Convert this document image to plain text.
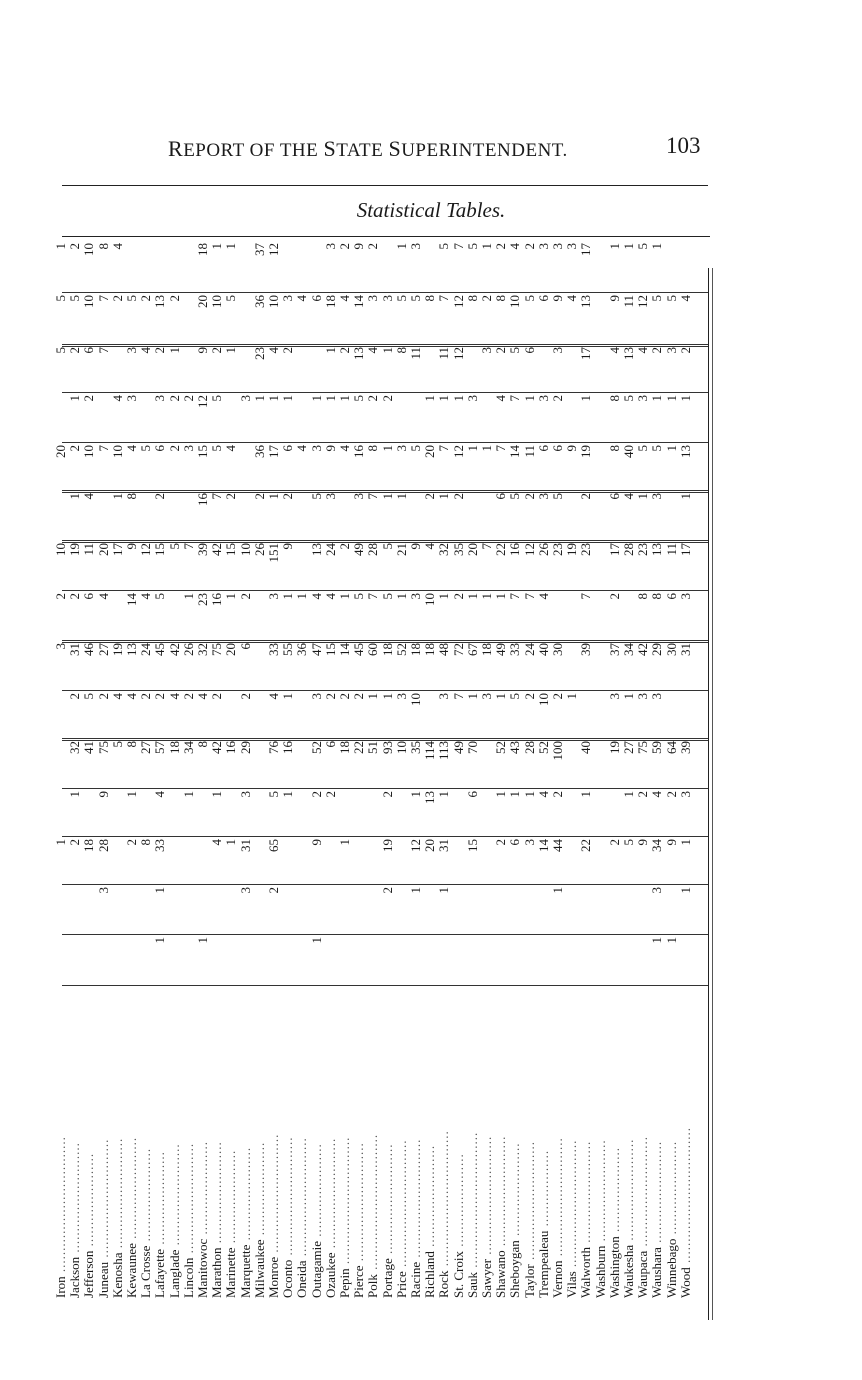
REPORT OF THE STATE SUPERINTENDENT.	103
Statistical Tables.
Iron ................................
1
5
5
20
10
2
3
1
Jackson ..........................
2
5
2
1
2
1
19
2
31
2
32
1
2
Jefferson ......................
10
10
6
2
10
4
11
6
46
5
41
18
Juneau ............................
8
7
7
7
20
4
27
2
75
9
28
3
Kenosha ..........................
4
2
4
10
1
17
19
4
5
Kewaunee ........................
5
3
3
4
8
9
14
13
4
8
1
2
La Crosse ......................
2
4
5
12
4
24
2
27
8
Lafayette ......................
13
2
3
6
2
15
5
45
2
57
4
33
1
1
Langlade ........................
2
1
2
2
5
42
4
18
Lincoln ..........................
2
3
7
1
26
2
34
1
Manitowoc ......................
18
20
9
12
15
16
39
23
32
4
8
1
Marathon ........................
1
10
2
5
5
7
42
16
75
2
42
1
4
Marinette ......................
1
5
1
4
2
15
1
20
16
1
Marquette ......................
3
10
2
6
2
29
3
31
3
Milwaukee ......................
37
36
23
1
36
2
26
Monroe ............................
12
10
4
1
17
1
151
3
33
4
76
5
65
2
Oconto ............................
3
2
1
6
2
9
1
55
1
16
1
Oneida ............................
4
4
1
36
Outagamie ......................
6
1
3
5
13
4
47
3
52
2
9
1
Ozaukee ..........................
3
18
1
1
9
3
24
4
15
2
6
2
Pepin ..............................
2
4
2
1
4
2
1
14
2
18
1
Pierce ............................
9
14
13
5
16
3
49
5
45
2
22
Polk ................................
2
3
4
2
8
7
28
7
60
1
51
Portage ..........................
3
1
2
1
1
5
5
18
1
93
2
19
2
Price ..............................
1
5
8
3
1
21
1
52
3
10
Racine ............................
3
5
11
5
9
3
18
10
35
1
12
1
Richland ........................
8
1
20
2
4
10
18
114
13
20
Rock ................................
5
7
11
1
7
1
32
1
48
3
113
1
31
1
St. Croix ......................
7
12
12
1
12
2
35
2
72
7
49
Sauk ................................
5
8
3
1
20
1
67
1
70
6
15
Sawyer ............................
1
2
3
1
7
1
18
3
Shawano ..........................
2
8
2
4
7
6
22
1
49
1
52
1
2
Sheboygan ......................
4
10
5
7
14
5
16
7
33
5
43
1
6
Taylor ............................
2
5
6
1
11
2
12
7
24
2
28
1
3
Trempealeau ..................
3
6
3
6
3
26
4
40
10
52
4
14
Vernon ............................
3
9
3
2
6
5
23
30
2
100
2
44
1
Vilas ..............................
3
4
9
19
1
Walworth ........................
17
13
17
1
19
2
23
7
39
40
1
22
Washburn ........................
Washington ....................
1
9
4
8
8
6
17
2
37
3
19
2
Waukesha ........................
1
11
13
5
40
4
28
34
1
27
1
5
Waupaca ..........................
5
12
4
3
5
1
23
8
42
3
75
2
9
Waushara ........................
1
5
2
1
5
3
13
8
29
3
59
4
34
3
1
Winnebago ......................
5
3
1
1
11
6
30
64
2
9
1
Wood ................................
4
2
1
13
1
17
3
31
39
3
1
1
